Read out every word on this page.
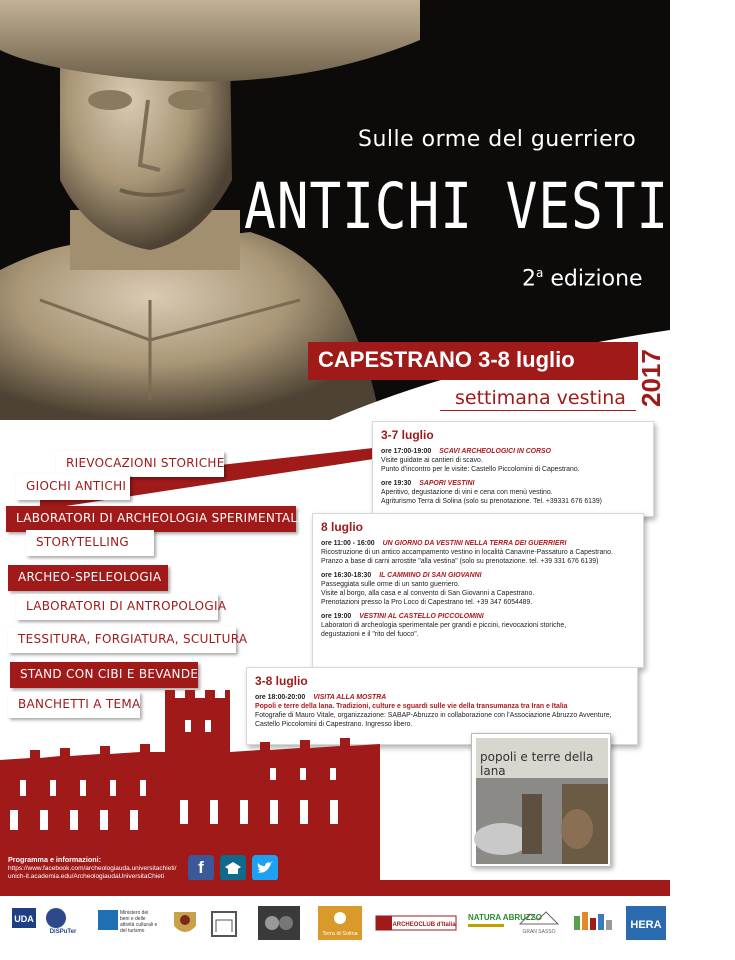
Sulle orme del guerriero
ANTICHI VESTINI
2$^a$ edizione
CAPESTRANO 3-8 luglio	2017
settimana vestina
RIEVOCAZIONI STORICHE
GIOCHI ANTICHI
LABORATORI DI ARCHEOLOGIA SPERIMENTALE
STORYTELLING
ARCHEO-SPELEOLOGIA
LABORATORI DI ANTROPOLOGIA
TESSITURA, FORGIATURA, SCULTURA
STAND CON CIBI E BEVANDE
BANCHETTI A TEMA
3-7 luglio
ore 17:00-19:00 SCAVI ARCHEOLOGICI IN CORSO
Visite guidate ai cantieri di scavo.
Punto d'incontro per le visite: Castello Piccolomini di Capestrano.
ore 19:30 SAPORI VESTINI
Aperitivo, degustazione di vini e cena con menù vestino.
Agriturismo Terra di Solina (solo su prenotazione. Tel. +39331 676 6139)
8 luglio
ore 11:00 - 16:00 UN GIORNO DA VESTINI NELLA TERRA DEI GUERRIERI
Ricostruzione di un antico accampamento vestino in località Canavine-Passaturo a Capestrano.
Pranzo a base di carni arrostite "alla vestina" (solo su prenotazione. tel. +39 331 676 6139)
ore 16:30-18:30 IL CAMMINO DI SAN GIOVANNI
Passeggiata sulle orme di un santo guerriero.
Visite al borgo, alla casa e al convento di San Giovanni a Capestrano.
Prenotazioni presso la Pro Loco di Capestrano tel. +39 347 6054489.
ore 19:00 VESTINI AL CASTELLO PICCOLOMINI
Laboratori di archeologia sperimentale per grandi e piccini, rievocazioni storiche,
degustazioni e il "rito del fuoco".
3-8 luglio
ore 18:00-20:00 VISITA ALLA MOSTRA
Popoli e terre della lana. Tradizioni, culture e sguardi sulle vie della transumanza tra Iran e Italia
Fotografie di Mauro Vitale, organizzazione: SABAP-Abruzzo in collaborazione con l'Associazione Abruzzo Avventure,
Castello Piccolomini di Capestrano. Ingresso libero.
Programma e informazioni:
https://www.facebook.com/archeologiauda.universitachieti/
unich-it.academia.edu/ArcheologiaudaUniversitaChieti	f
popoli e terre della lana
UDA
DiSPuTer
Ministero dei beni e delle attività culturali e del turismo	Terra di Solina
ARCHEOCLUB d'Italia
NATURA ABRUZZO
GRAN SASSO
HERA
